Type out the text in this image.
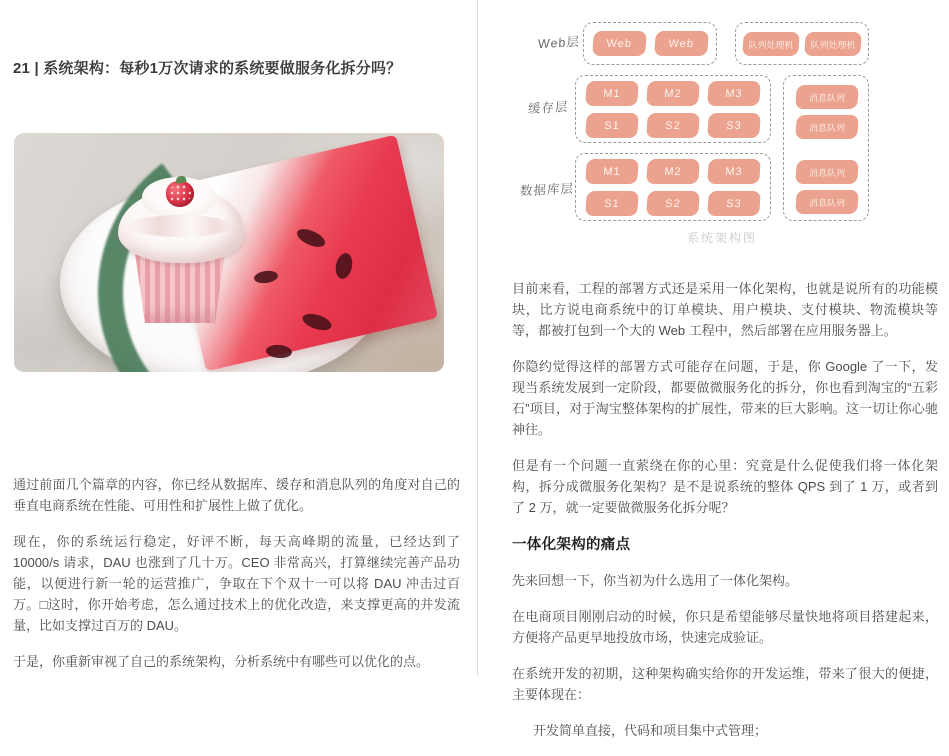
21 | 系统架构：每秒1万次请求的系统要做服务化拆分吗？

通过前面几个篇章的内容，你已经从数据库、缓存和消息队列的角度对自己的垂直电商系统在性能、可用性和扩展性上做了优化。

现在，你的系统运行稳定，好评不断，每天高峰期的流量，已经达到了 10000/s 请求，DAU 也涨到了几十万。CEO 非常高兴，打算继续完善产品功能，以便进行新一轮的运营推广，争取在下个双十一可以将 DAU 冲击过百万。□这时，你开始考虑，怎么通过技术上的优化改造，来支撑更高的并发流量，比如支撑过百万的 DAU。

于是，你重新审视了自己的系统架构，分析系统中有哪些可以优化的点。

Web层
缓存层
数据库层
Web	Web	队列处理机	队列处理机
M1	M2	M3
S1	S2	S3
M1	M2	M3
S1	S2	S3
消息队列
消息队列
消息队列
消息队列
系统架构图

目前来看，工程的部署方式还是采用一体化架构，也就是说所有的功能模块，比方说电商系统中的订单模块、用户模块、支付模块、物流模块等等，都被打包到一个大的 Web 工程中，然后部署在应用服务器上。

你隐约觉得这样的部署方式可能存在问题，于是，你 Google 了一下，发现当系统发展到一定阶段，都要做微服务化的拆分，你也看到淘宝的“五彩石”项目，对于淘宝整体架构的扩展性，带来的巨大影响。这一切让你心驰神往。

但是有一个问题一直萦绕在你的心里：究竟是什么促使我们将一体化架构，拆分成微服务化架构？是不是说系统的整体 QPS 到了 1 万，或者到了 2 万，就一定要做微服务化拆分呢？

一体化架构的痛点

先来回想一下，你当初为什么选用了一体化架构。

在电商项目刚刚启动的时候，你只是希望能够尽量快地将项目搭建起来，方便将产品更早地投放市场，快速完成验证。

在系统开发的初期，这种架构确实给你的开发运维，带来了很大的便捷，主要体现在：

开发简单直接，代码和项目集中式管理；
